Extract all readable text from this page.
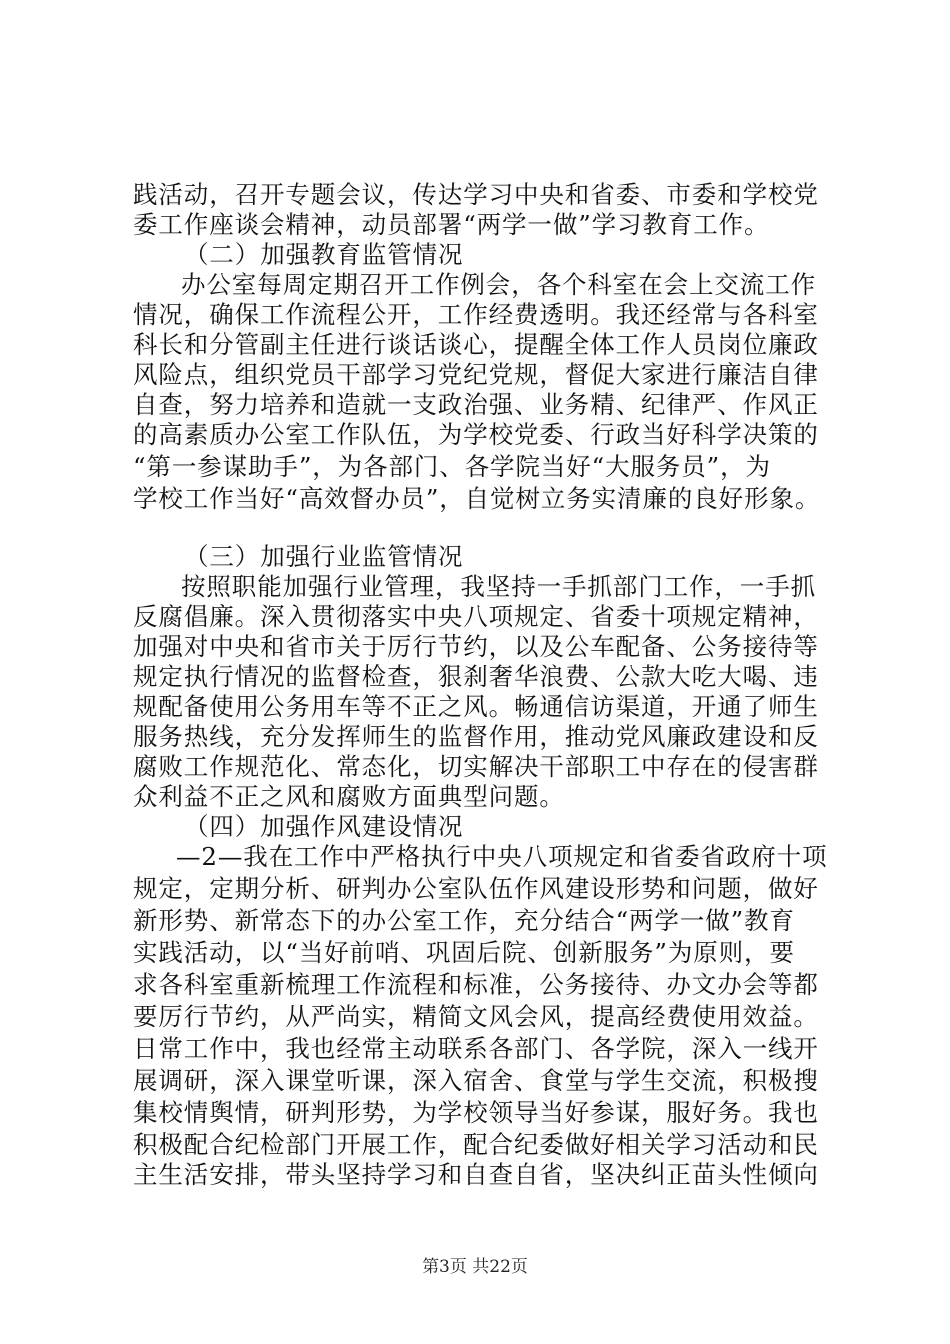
践活动，召开专题会议，传达学习中央和省委、市委和学校党
委工作座谈会精神，动员部署“两学一做”学习教育工作。
（二）加强教育监管情况
办公室每周定期召开工作例会，各个科室在会上交流工作
情况，确保工作流程公开，工作经费透明。我还经常与各科室
科长和分管副主任进行谈话谈心，提醒全体工作人员岗位廉政
风险点，组织党员干部学习党纪党规，督促大家进行廉洁自律
自查，努力培养和造就一支政治强、业务精、纪律严、作风正
的高素质办公室工作队伍，为学校党委、行政当好科学决策的
“第一参谋助手”，为各部门、各学院当好“大服务员”，为
学校工作当好“高效督办员”，自觉树立务实清廉的良好形象。
（三）加强行业监管情况
按照职能加强行业管理，我坚持一手抓部门工作，一手抓
反腐倡廉。深入贯彻落实中央八项规定、省委十项规定精神，
加强对中央和省市关于厉行节约，以及公车配备、公务接待等
规定执行情况的监督检查，狠刹奢华浪费、公款大吃大喝、违
规配备使用公务用车等不正之风。畅通信访渠道，开通了师生
服务热线，充分发挥师生的监督作用，推动党风廉政建设和反
腐败工作规范化、常态化，切实解决干部职工中存在的侵害群
众利益不正之风和腐败方面典型问题。
（四）加强作风建设情况
—2—我在工作中严格执行中央八项规定和省委省政府十项
规定，定期分析、研判办公室队伍作风建设形势和问题，做好
新形势、新常态下的办公室工作，充分结合“两学一做”教育
实践活动，以“当好前哨、巩固后院、创新服务”为原则，要
求各科室重新梳理工作流程和标准，公务接待、办文办会等都
要厉行节约，从严尚实，精简文风会风，提高经费使用效益。
日常工作中，我也经常主动联系各部门、各学院，深入一线开
展调研，深入课堂听课，深入宿舍、食堂与学生交流，积极搜
集校情舆情，研判形势，为学校领导当好参谋，服好务。我也
积极配合纪检部门开展工作，配合纪委做好相关学习活动和民
主生活安排，带头坚持学习和自查自省，坚决纠正苗头性倾向
第3页 共22页
